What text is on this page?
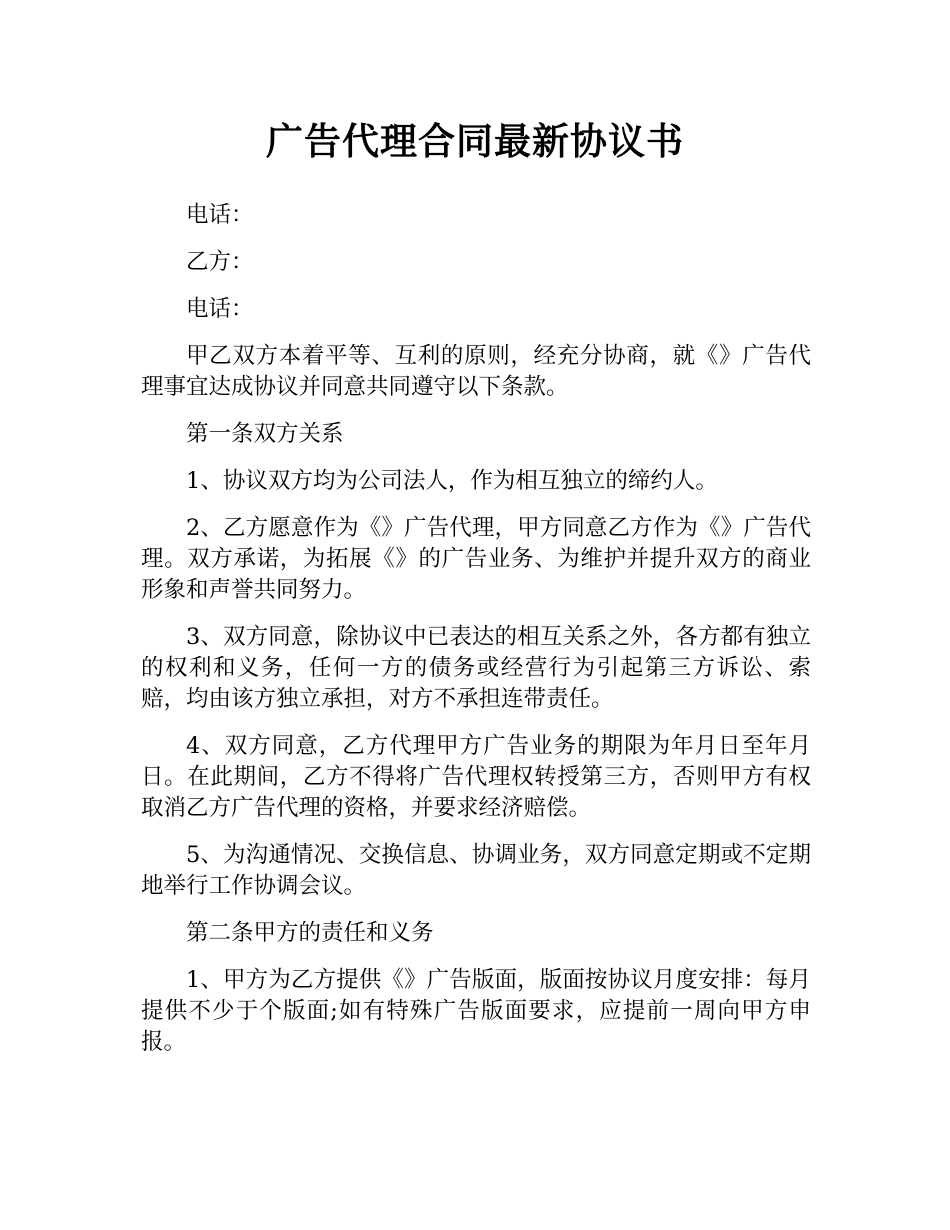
广告代理合同最新协议书

电话：

乙方：

电话：

甲乙双方本着平等、互利的原则，经充分协商，就《》广告代理事宜达成协议并同意共同遵守以下条款。

第一条双方关系

1、协议双方均为公司法人，作为相互独立的缔约人。

2、乙方愿意作为《》广告代理，甲方同意乙方作为《》广告代理。双方承诺，为拓展《》的广告业务、为维护并提升双方的商业形象和声誉共同努力。

3、双方同意，除协议中已表达的相互关系之外，各方都有独立的权利和义务，任何一方的债务或经营行为引起第三方诉讼、索赔，均由该方独立承担，对方不承担连带责任。

4、双方同意，乙方代理甲方广告业务的期限为年月日至年月日。在此期间，乙方不得将广告代理权转授第三方，否则甲方有权取消乙方广告代理的资格，并要求经济赔偿。

5、为沟通情况、交换信息、协调业务，双方同意定期或不定期地举行工作协调会议。

第二条甲方的责任和义务

1、甲方为乙方提供《》广告版面，版面按协议月度安排：每月提供不少于个版面;如有特殊广告版面要求，应提前一周向甲方申报。
